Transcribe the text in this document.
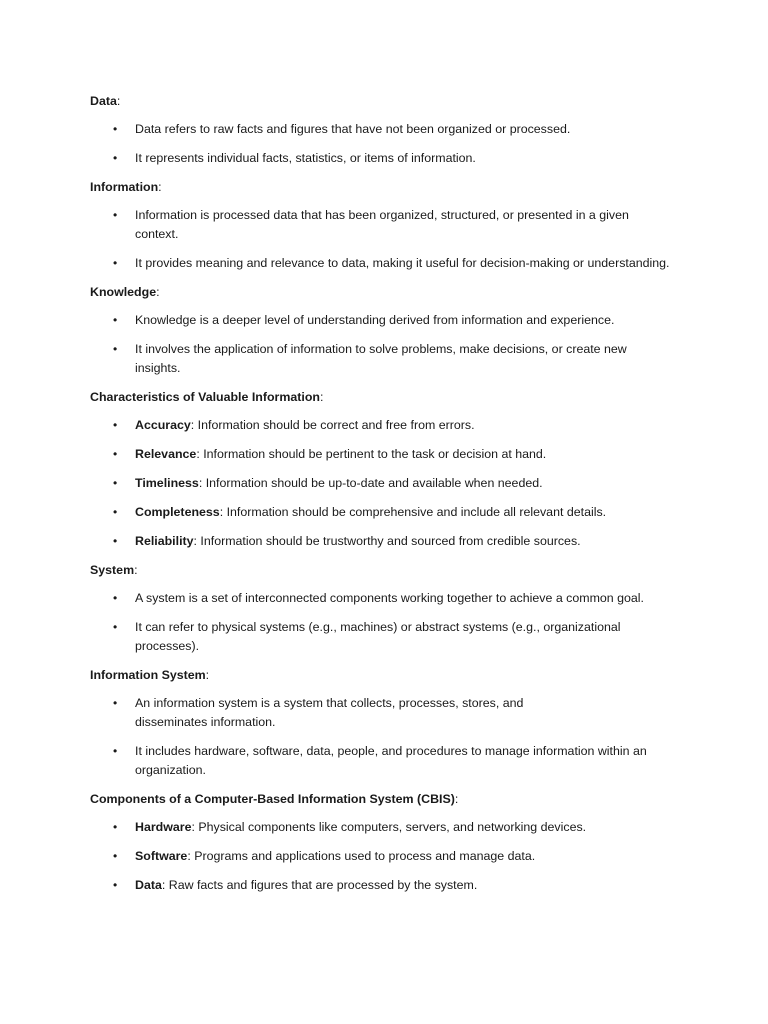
Data:
• Data refers to raw facts and figures that have not been organized or processed.
• It represents individual facts, statistics, or items of information.
Information:
• Information is processed data that has been organized, structured, or presented in a given context.
• It provides meaning and relevance to data, making it useful for decision-making or understanding.
Knowledge:
• Knowledge is a deeper level of understanding derived from information and experience.
• It involves the application of information to solve problems, make decisions, or create new insights.
Characteristics of Valuable Information:
• Accuracy: Information should be correct and free from errors.
• Relevance: Information should be pertinent to the task or decision at hand.
• Timeliness: Information should be up-to-date and available when needed.
• Completeness: Information should be comprehensive and include all relevant details.
• Reliability: Information should be trustworthy and sourced from credible sources.
System:
• A system is a set of interconnected components working together to achieve a common goal.
• It can refer to physical systems (e.g., machines) or abstract systems (e.g., organizational processes).
Information System:
• An information system is a system that collects, processes, stores, and disseminates information.
• It includes hardware, software, data, people, and procedures to manage information within an organization.
Components of a Computer-Based Information System (CBIS):
• Hardware: Physical components like computers, servers, and networking devices.
• Software: Programs and applications used to process and manage data.
• Data: Raw facts and figures that are processed by the system.
